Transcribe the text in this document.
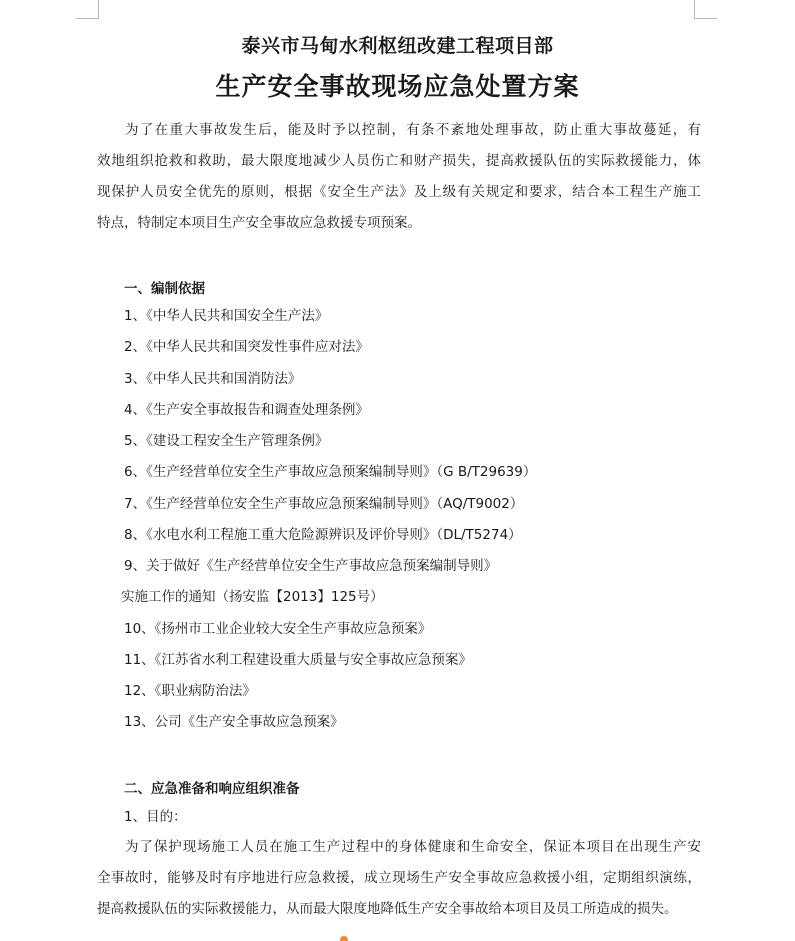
泰兴市马甸水利枢纽改建工程项目部
生产安全事故现场应急处置方案
为了在重大事故发生后，能及时予以控制，有条不紊地处理事故，防止重大事故蔓延，有
效地组织抢救和救助，最大限度地减少人员伤亡和财产损失，提高救援队伍的实际救援能力，体
现保护人员安全优先的原则，根据《安全生产法》及上级有关规定和要求，结合本工程生产施工
特点，特制定本项目生产安全事故应急救援专项预案。
一、编制依据
1、《中华人民共和国安全生产法》
2、《中华人民共和国突发性事件应对法》
3、《中华人民共和国消防法》
4、《生产安全事故报告和调查处理条例》
5、《建设工程安全生产管理条例》
6、《生产经营单位安全生产事故应急预案编制导则》（G B/T29639）
7、《生产经营单位安全生产事故应急预案编制导则》（AQ/T9002）
8、《水电水利工程施工重大危险源辨识及评价导则》（DL/T5274）
9、关于做好《生产经营单位安全生产事故应急预案编制导则》
实施工作的通知（扬安监【2013】125号）
10、《扬州市工业企业较大安全生产事故应急预案》
11、《江苏省水利工程建设重大质量与安全事故应急预案》
12、《职业病防治法》
13、公司《生产安全事故应急预案》
二、应急准备和响应组织准备
1、目的：
为了保护现场施工人员在施工生产过程中的身体健康和生命安全，保证本项目在出现生产安
全事故时，能够及时有序地进行应急救援，成立现场生产安全事故应急救援小组，定期组织演练，
提高救援队伍的实际救援能力，从而最大限度地降低生产安全事故给本项目及员工所造成的损失。
